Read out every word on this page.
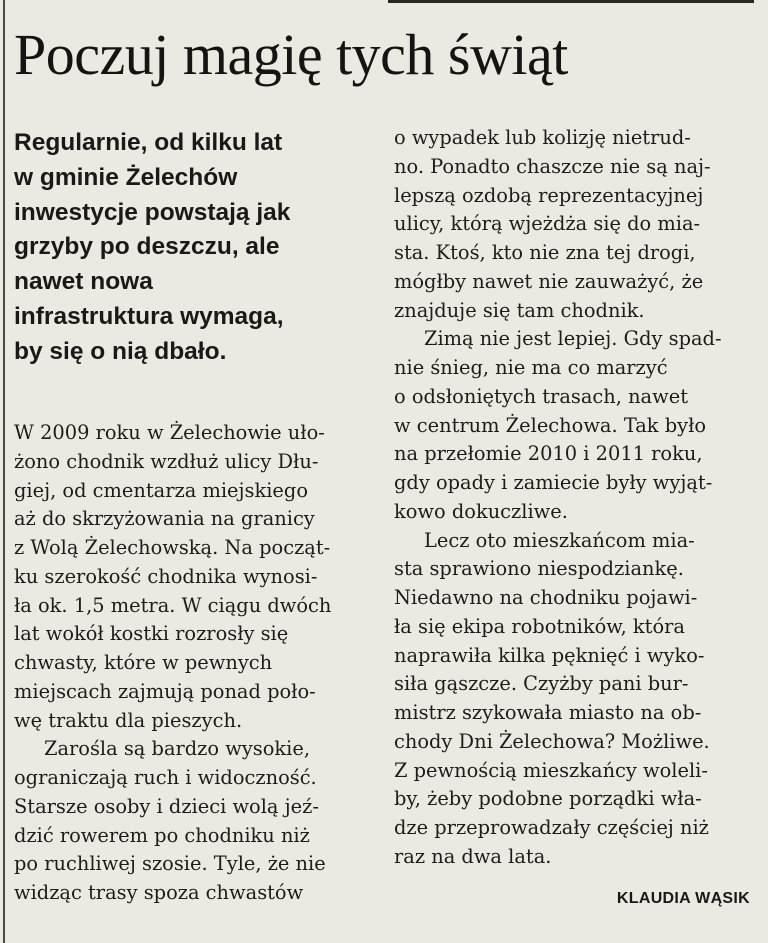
Poczuj magię tych świąt
Regularnie, od kilku lat
w gminie Żelechów
inwestycje powstają jak
grzyby po deszczu, ale
nawet nowa
infrastruktura wymaga,
by się o nią dbało.
W 2009 roku w Żelechowie uło-
żono chodnik wzdłuż ulicy Dłu-
giej, od cmentarza miejskiego
aż do skrzyżowania na granicy
z Wolą Żelechowską. Na począt-
ku szerokość chodnika wynosi-
ła ok. 1,5 metra. W ciągu dwóch
lat wokół kostki rozrosły się
chwasty, które w pewnych
miejscach zajmują ponad poło-
wę traktu dla pieszych.
Zarośla są bardzo wysokie,
ograniczają ruch i widoczność.
Starsze osoby i dzieci wolą jeź-
dzić rowerem po chodniku niż
po ruchliwej szosie. Tyle, że nie
widząc trasy spoza chwastów
o wypadek lub kolizję nietrud-
no. Ponadto chaszcze nie są naj-
lepszą ozdobą reprezentacyjnej
ulicy, którą wjeżdża się do mia-
sta. Ktoś, kto nie zna tej drogi,
mógłby nawet nie zauważyć, że
znajduje się tam chodnik.
Zimą nie jest lepiej. Gdy spad-
nie śnieg, nie ma co marzyć
o odsłoniętych trasach, nawet
w centrum Żelechowa. Tak było
na przełomie 2010 i 2011 roku,
gdy opady i zamiecie były wyjąt-
kowo dokuczliwe.
Lecz oto mieszkańcom mia-
sta sprawiono niespodziankę.
Niedawno na chodniku pojawi-
ła się ekipa robotników, która
naprawiła kilka pęknięć i wyko-
siła gąszcze. Czyżby pani bur-
mistrz szykowała miasto na ob-
chody Dni Żelechowa? Możliwe.
Z pewnością mieszkańcy woleli-
by, żeby podobne porządki wła-
dze przeprowadzały częściej niż
raz na dwa lata.
KLAUDIA WĄSIK
